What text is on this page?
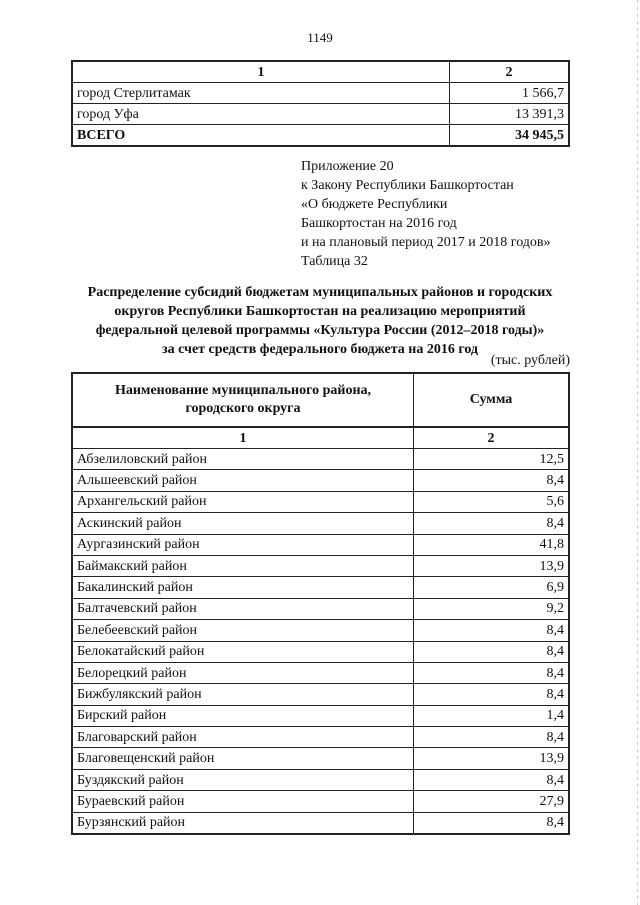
1149
1	2
город Стерлитамак	1 566,7
город Уфа	13 391,3
ВСЕГО	34 945,5
Приложение 20
к Закону Республики Башкортостан
«О бюджете Республики
Башкортостан на 2016 год
и на плановый период 2017 и 2018 годов»
Таблица 32
Распределение субсидий бюджетам муниципальных районов и городских
округов Республики Башкортостан на реализацию мероприятий
федеральной целевой программы «Культура России (2012–2018 годы)»
за счет средств федерального бюджета на 2016 год
(тыс. рублей)
Наименование муниципального района,
городского округа	Сумма
1	2
Абзелиловский район	12,5
Альшеевский район	8,4
Архангельский район	5,6
Аскинский район	8,4
Аургазинский район	41,8
Баймакский район	13,9
Бакалинский район	6,9
Балтачевский район	9,2
Белебеевский район	8,4
Белокатайский район	8,4
Белорецкий район	8,4
Бижбулякский район	8,4
Бирский район	1,4
Благоварский район	8,4
Благовещенский район	13,9
Буздякский район	8,4
Бураевский район	27,9
Бурзянский район	8,4
